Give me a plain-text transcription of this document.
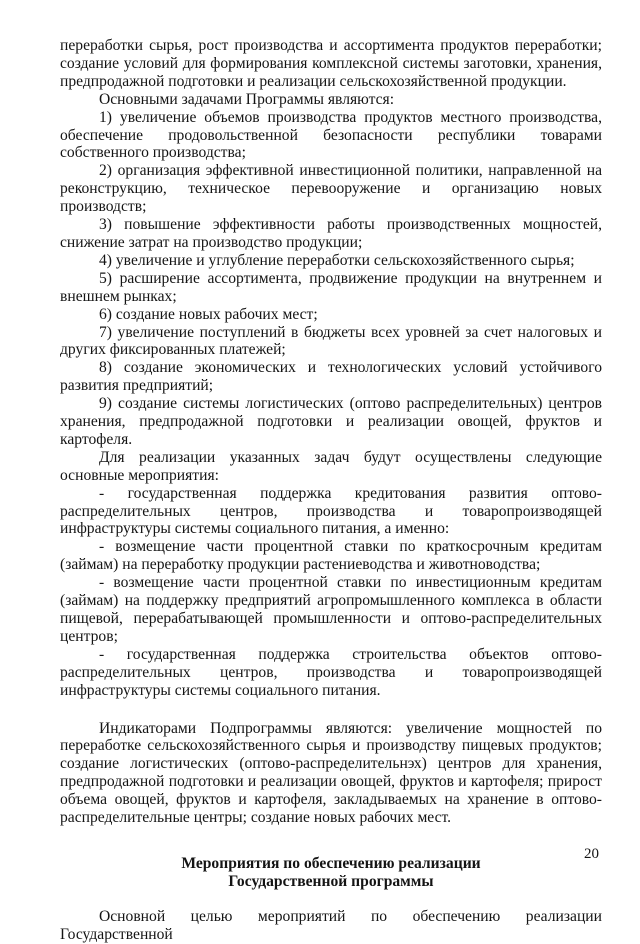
переработки сырья, рост производства и ассортимента продуктов переработки; создание условий для формирования комплексной системы заготовки, хранения, предпродажной подготовки и реализации сельскохозяйственной продукции.

Основными задачами Программы являются:

1) увеличение объемов производства продуктов местного производства, обеспечение продовольственной безопасности республики товарами собственного производства;

2) организация эффективной инвестиционной политики, направленной на реконструкцию, техническое перевооружение и организацию новых производств;

3) повышение эффективности работы производственных мощностей, снижение затрат на производство продукции;

4) увеличение и углубление переработки сельскохозяйственного сырья;

5) расширение ассортимента, продвижение продукции на внутреннем и внешнем рынках;

6) создание новых рабочих мест;

7) увеличение поступлений в бюджеты всех уровней за счет налоговых и других фиксированных платежей;

8) создание экономических и технологических условий устойчивого развития предприятий;

9) создание системы логистических (оптово распределительных) центров хранения, предпродажной подготовки и реализации овощей, фруктов и картофеля.

Для реализации указанных задач будут осуществлены следующие основные мероприятия:

- государственная поддержка кредитования развития оптово-распределительных центров, производства и товаропроизводящей инфраструктуры системы социального питания, а именно:

- возмещение части процентной ставки по краткосрочным кредитам (займам) на переработку продукции растениеводства и животноводства;

- возмещение части процентной ставки по инвестиционным кредитам (займам) на поддержку предприятий агропромышленного комплекса в области пищевой, перерабатывающей промышленности и оптово-распределительных центров;

- государственная поддержка строительства объектов оптово-распределительных центров, производства и товаропроизводящей инфраструктуры системы социального питания.

Индикаторами Подпрограммы являются: увеличение мощностей по переработке сельскохозяйственного сырья и производству пищевых продуктов; создание логистических (оптово-распределительнэх) центров для хранения, предпродажной подготовки и реализации овощей, фруктов и картофеля; прирост объема овощей, фруктов и картофеля, закладываемых на хранение в оптово-распределительные центры; создание новых рабочих мест.

Мероприятия по обеспечению реализации
Государственной программы

Основной целью мероприятий по обеспечению реализации Государственной

20
